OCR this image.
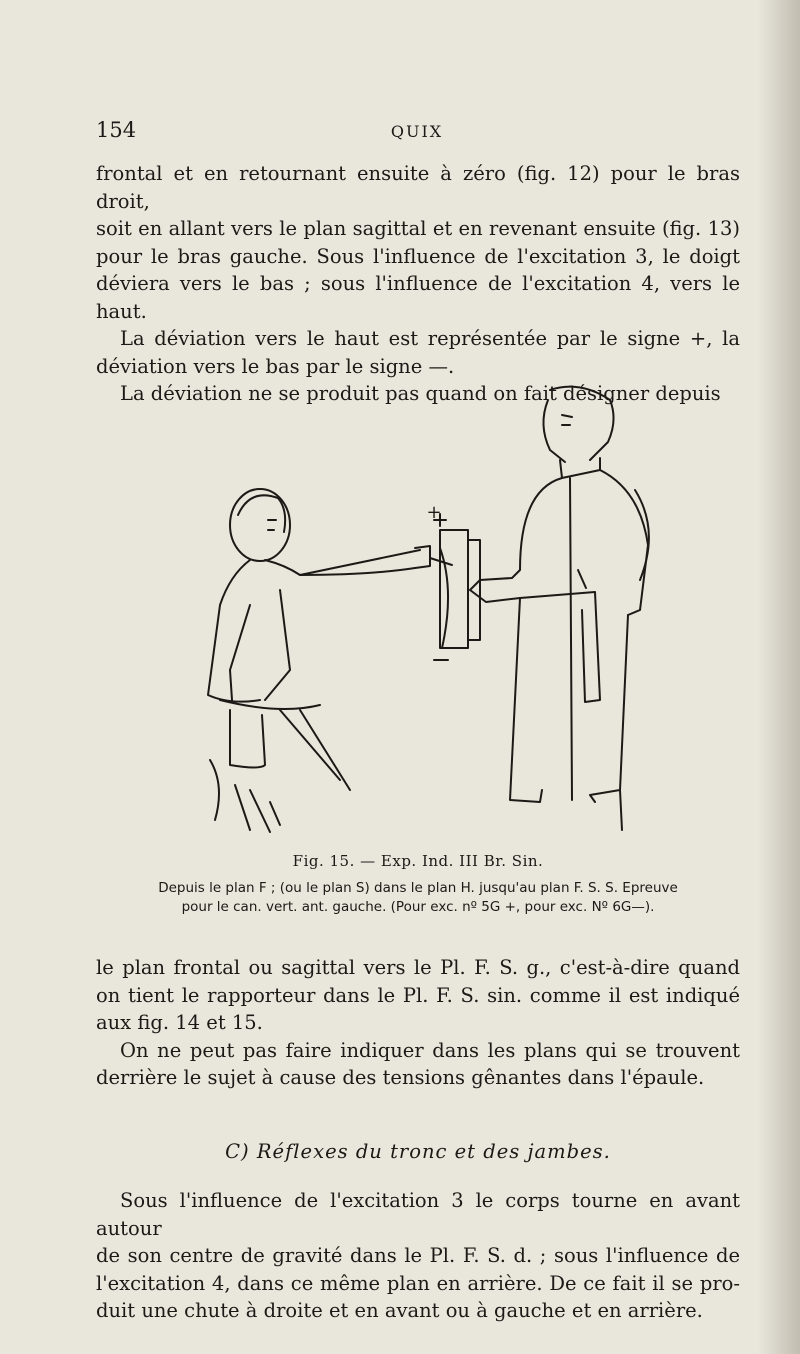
154	QUIX

frontal et en retournant ensuite à zéro (fig. 12) pour le bras droit,

soit en allant vers le plan sagittal et en revenant ensuite (fig. 13)

pour le bras gauche. Sous l'influence de l'excitation 3, le doigt

déviera vers le bas ; sous l'influence de l'excitation 4, vers le haut.

La déviation vers le haut est représentée par le signe +, la

déviation vers le bas par le signe —.

La déviation ne se produit pas quand on fait désigner depuis

+
Fig. 15. — Exp. Ind. III Br. Sin.
Depuis le plan F ; (ou le plan S) dans le plan H. jusqu'au plan F. S. S. Epreuve
pour le can. vert. ant. gauche. (Pour exc. nº 5G +, pour exc. Nº 6G—).

le plan frontal ou sagittal vers le Pl. F. S. g., c'est-à-dire quand

on tient le rapporteur dans le Pl. F. S. sin. comme il est indiqué

aux fig. 14 et 15.

On ne peut pas faire indiquer dans les plans qui se trouvent

derrière le sujet à cause des tensions gênantes dans l'épaule.

C) Réflexes du tronc et des jambes.

Sous l'influence de l'excitation 3 le corps tourne en avant autour

de son centre de gravité dans le Pl. F. S. d. ; sous l'influence de

l'excitation 4, dans ce même plan en arrière. De ce fait il se pro-

duit une chute à droite et en avant ou à gauche et en arrière.
